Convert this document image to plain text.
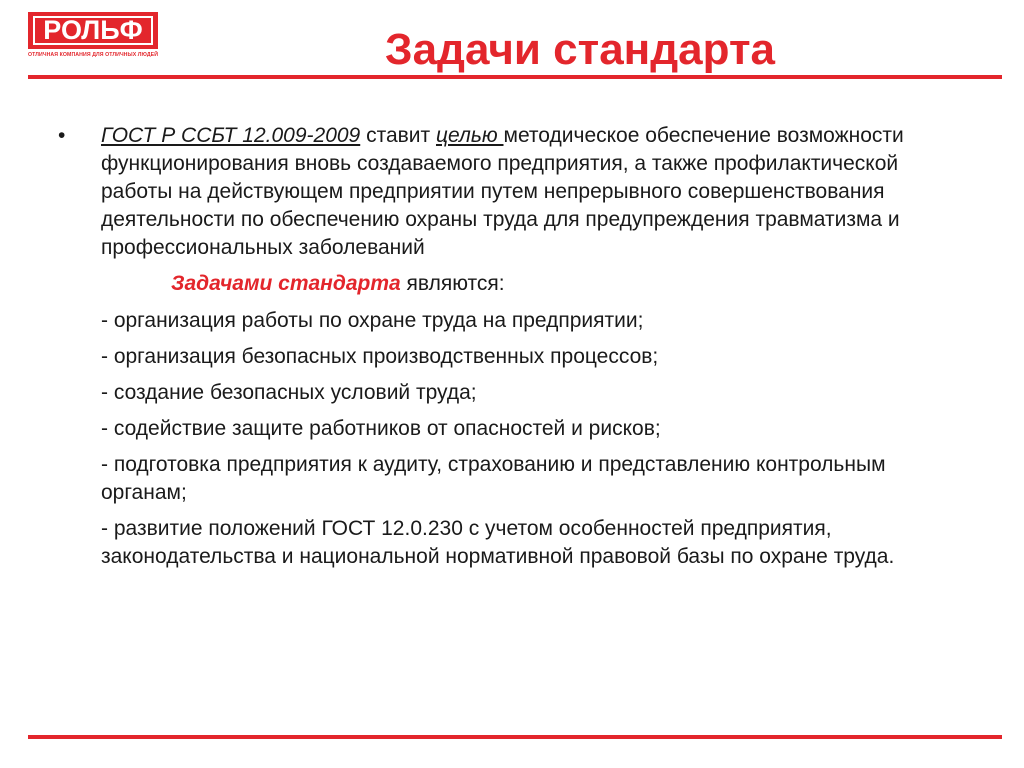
РОЛЬФ
ОТЛИЧНАЯ КОМПАНИЯ ДЛЯ ОТЛИЧНЫХ ЛЮДЕЙ	Задачи стандарта
•	ГОСТ Р ССБТ 12.009-2009 ставит целью методическое обеспечение возможности функционирования вновь создаваемого предприятия, а также профилактической работы на действующем предприятии путем непрерывного совершенствования деятельности по обеспечению охраны труда для предупреждения травматизма и профессиональных заболеваний
Задачами стандарта являются:
- организация работы по охране труда на предприятии;
- организация безопасных производственных процессов;
- создание безопасных условий труда;
- содействие защите работников от опасностей и рисков;
- подготовка предприятия к аудиту, страхованию и представлению контрольным органам;
- развитие положений ГОСТ 12.0.230 с учетом особенностей предприятия, законодательства и национальной нормативной правовой базы по охране труда.
